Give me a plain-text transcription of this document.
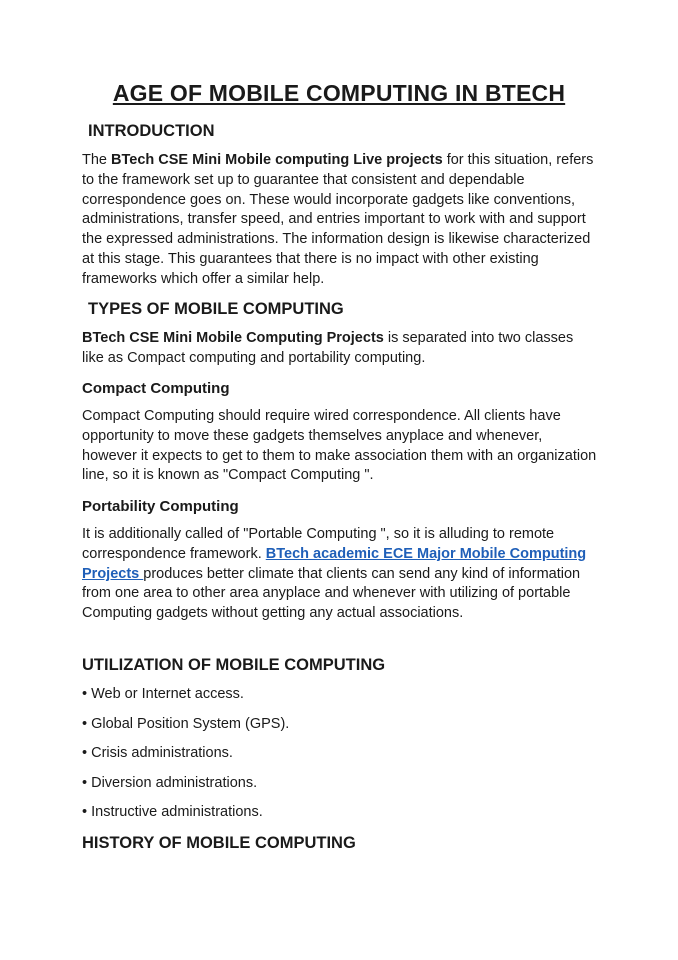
AGE OF MOBILE COMPUTING IN BTECH
INTRODUCTION
The BTech CSE Mini Mobile computing Live projects for this situation, refers to the framework set up to guarantee that consistent and dependable correspondence goes on. These would incorporate gadgets like conventions, administrations, transfer speed, and entries important to work with and support the expressed administrations. The information design is likewise characterized at this stage. This guarantees that there is no impact with other existing frameworks which offer a similar help.
TYPES OF MOBILE COMPUTING
BTech CSE Mini Mobile Computing Projects is separated into two classes like as Compact computing and portability computing.
Compact Computing
Compact Computing should require wired correspondence. All clients have opportunity to move these gadgets themselves anyplace and whenever, however it expects to get to them to make association them with an organization line, so it is known as "Compact Computing ".
Portability Computing
It is additionally called of "Portable Computing ", so it is alluding to remote correspondence framework. BTech academic ECE Major Mobile Computing Projects produces better climate that clients can send any kind of information from one area to other area anyplace and whenever with utilizing of portable Computing gadgets without getting any actual associations.
UTILIZATION OF MOBILE COMPUTING
• Web or Internet access.
• Global Position System (GPS).
• Crisis administrations.
• Diversion administrations.
• Instructive administrations.
HISTORY OF MOBILE COMPUTING
